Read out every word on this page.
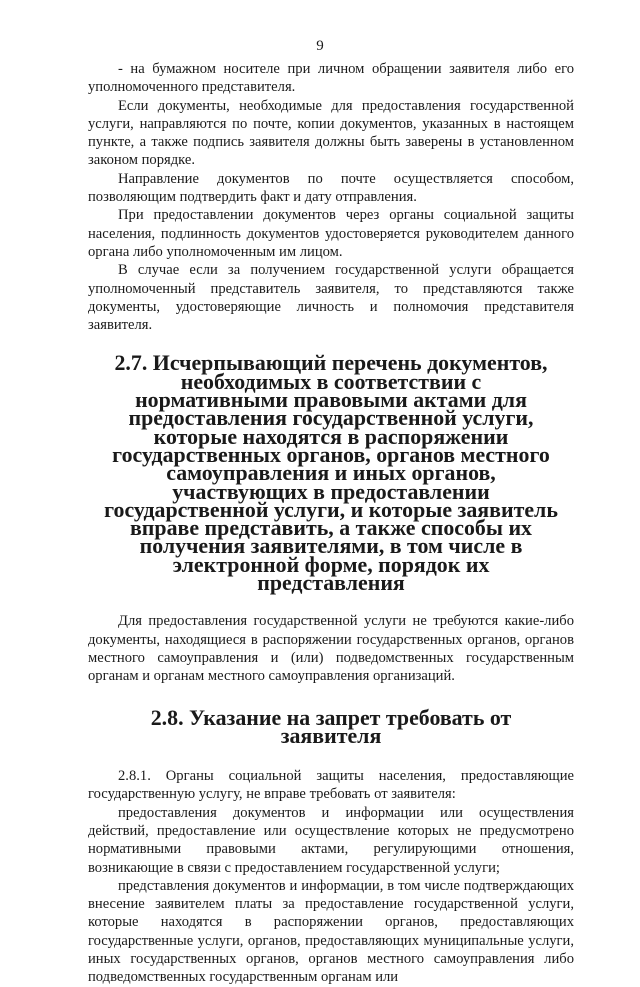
9

- на бумажном носителе при личном обращении заявителя либо его уполномоченного представителя.

Если документы, необходимые для предоставления государственной услуги, направляются по почте, копии документов, указанных в настоящем пункте, а также подпись заявителя должны быть заверены в установленном законом порядке.

Направление документов по почте осуществляется способом, позволяющим подтвердить факт и дату отправления.

При предоставлении документов через органы социальной защиты населения, подлинность документов удостоверяется руководителем данного органа либо уполномоченным им лицом.

В случае если за получением государственной услуги обращается уполномоченный представитель заявителя, то представляются также документы, удостоверяющие личность и полномочия представителя заявителя.

2.7. Исчерпывающий перечень документов, необходимых в соответствии с нормативными правовыми актами для предоставления государственной услуги, которые находятся в распоряжении государственных органов, органов местного самоуправления и иных органов, участвующих в предоставлении государственной услуги, и которые заявитель вправе представить, а также способы их получения заявителями, в том числе в электронной форме, порядок их представления

Для предоставления государственной услуги не требуются какие-либо документы, находящиеся в распоряжении государственных органов, органов местного самоуправления и (или) подведомственных государственным органам и органам местного самоуправления организаций.

2.8. Указание на запрет требовать от заявителя

2.8.1. Органы социальной защиты населения, предоставляющие государственную услугу, не вправе требовать от заявителя:

предоставления документов и информации или осуществления действий, предоставление или осуществление которых не предусмотрено нормативными правовыми актами, регулирующими отношения, возникающие в связи с предоставлением государственной услуги;

представления документов и информации, в том числе подтверждающих внесение заявителем платы за предоставление государственной услуги, которые находятся в распоряжении органов, предоставляющих государственные услуги, органов, предоставляющих муниципальные услуги, иных государственных органов, органов местного самоуправления либо подведомственных государственным органам или
